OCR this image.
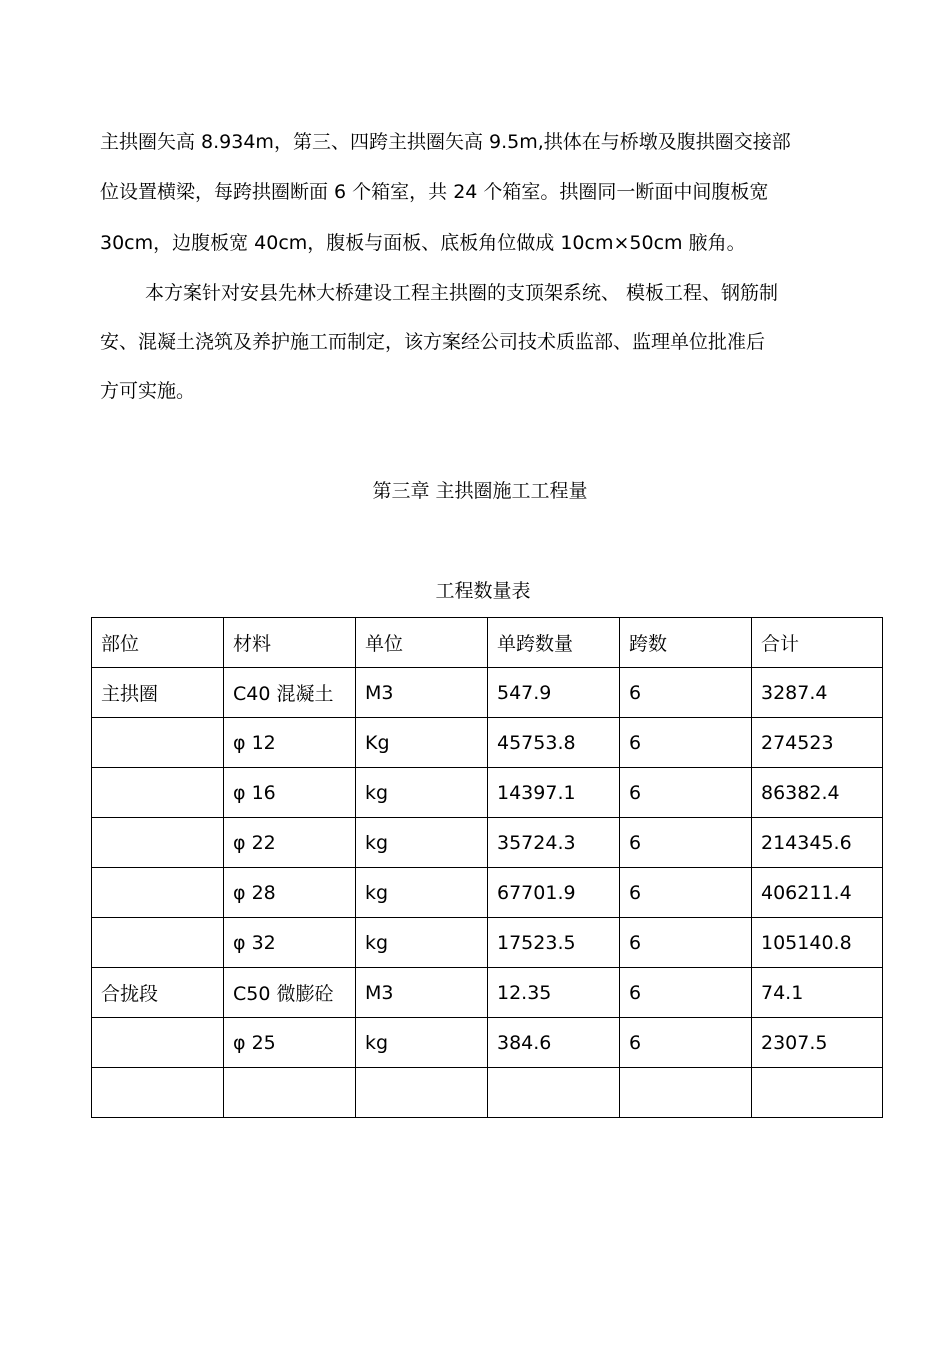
主拱圈矢高 8.934m，第三、四跨主拱圈矢高 9.5m,拱体在与桥墩及腹拱圈交接部
位设置横梁，每跨拱圈断面 6 个箱室，共 24 个箱室。拱圈同一断面中间腹板宽
30cm，边腹板宽 40cm，腹板与面板、底板角位做成 10cm×50cm 腋角。
本方案针对安县先林大桥建设工程主拱圈的支顶架系统、 模板工程、钢筋制
安、混凝土浇筑及养护施工而制定，该方案经公司技术质监部、监理单位批准后
方可实施。
第三章 主拱圈施工工程量
工程数量表
部位	材料	单位	单跨数量	跨数	合计
主拱圈	C40 混凝土	M3	547.9	6	3287.4
	φ 12	Kg	45753.8	6	274523
	φ 16	kg	14397.1	6	86382.4
	φ 22	kg	35724.3	6	214345.6
	φ 28	kg	67701.9	6	406211.4
	φ 32	kg	17523.5	6	105140.8
合拢段	C50 微膨砼	M3	12.35	6	74.1
	φ 25	kg	384.6	6	2307.5
